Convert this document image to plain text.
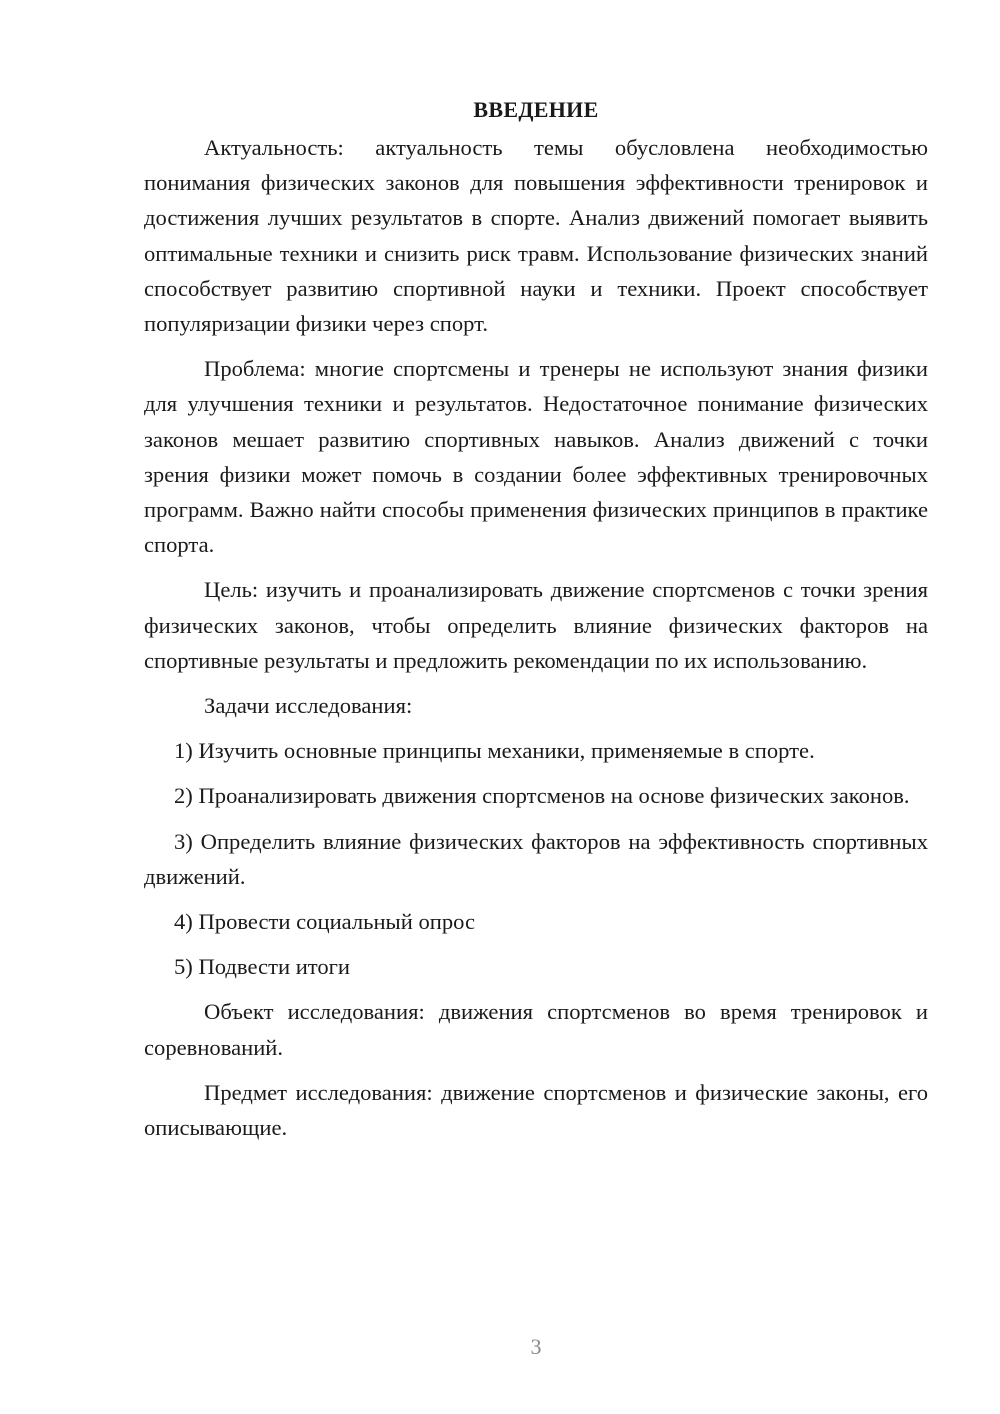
ВВЕДЕНИЕ

Актуальность: актуальность темы обусловлена необходимостью понимания физических законов для повышения эффективности тренировок и достижения лучших результатов в спорте. Анализ движений помогает выявить оптимальные техники и снизить риск травм. Использование физических знаний способствует развитию спортивной науки и техники. Проект способствует популяризации физики через спорт.

Проблема: многие спортсмены и тренеры не используют знания физики для улучшения техники и результатов. Недостаточное понимание физических законов мешает развитию спортивных навыков. Анализ движений с точки зрения физики может помочь в создании более эффективных тренировочных программ. Важно найти способы применения физических принципов в практике спорта.

Цель: изучить и проанализировать движение спортсменов с точки зрения физических законов, чтобы определить влияние физических факторов на спортивные результаты и предложить рекомендации по их использованию.

Задачи исследования:

1) Изучить основные принципы механики, применяемые в спорте.

2) Проанализировать движения спортсменов на основе физических законов.

3) Определить влияние физических факторов на эффективность спортивных движений.

4) Провести социальный опрос

5) Подвести итоги

Объект исследования: движения спортсменов во время тренировок и соревнований.

Предмет исследования: движение спортсменов и физические законы, его описывающие.

3
